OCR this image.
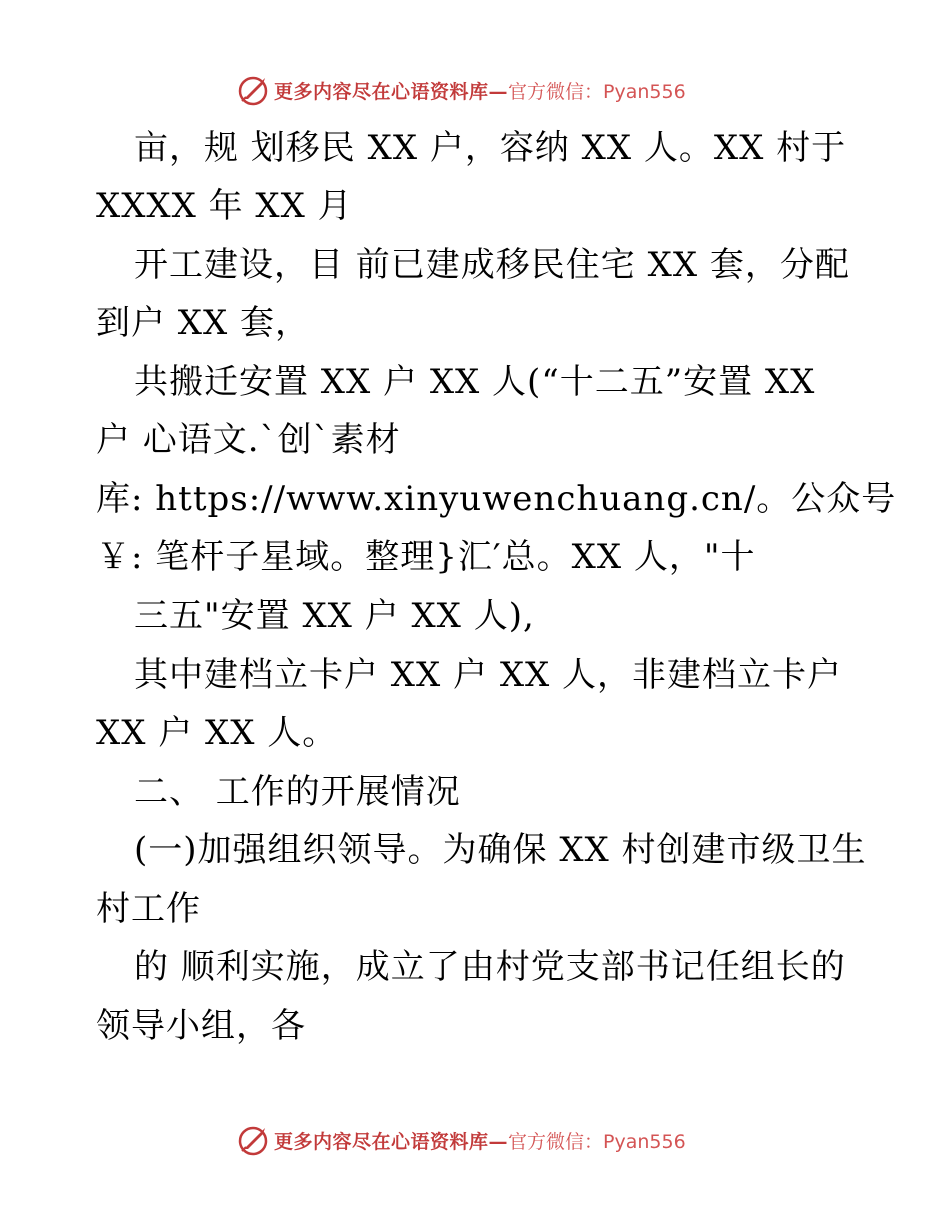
更多内容尽在心语资料库— 官方微信：Pyan556
亩，规 划移民 XX 户，容纳 XX 人。XX 村于
XXXX 年 XX 月
开工建设，目 前已建成移民住宅 XX 套，分配
到户 XX 套，
共搬迁安置 XX 户 XX 人(“十二五”安置 XX
户 心语文.`创`素材
库: https://www.xinyuwenchuang.cn/。公众号
￥: 笔杆子星域。整理}汇′总。XX 人，"十
三五"安置 XX 户 XX 人),
其中建档立卡户 XX 户 XX 人，非建档立卡户
XX 户 XX 人。
二、 工作的开展情况
(一)加强组织领导。为确保 XX 村创建市级卫生
村工作
的 顺利实施，成立了由村党支部书记任组长的
领导小组，各
更多内容尽在心语资料库— 官方微信：Pyan556
